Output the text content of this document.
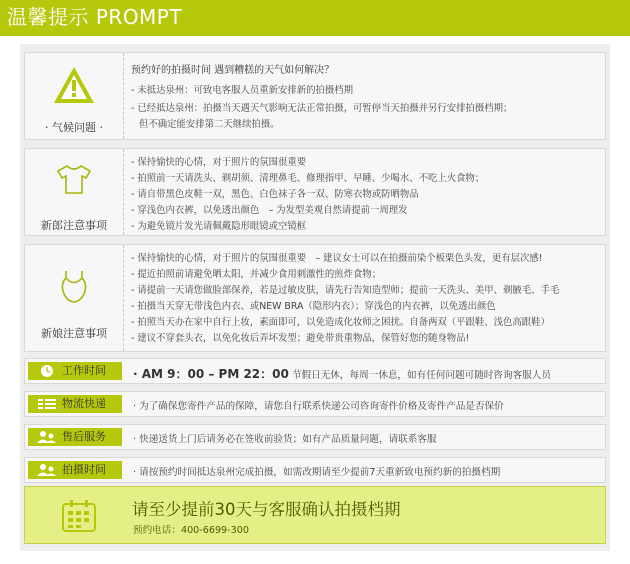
温馨提示 PROMPT
· 气候问题 ·
预约好的拍摄时间 遇到糟糕的天气如何解决？
- 未抵达泉州：可致电客服人员重新安排新的拍摄档期
- 已经抵达泉州：拍摄当天遇天气影响无法正常拍摄，可暂停当天拍摄并另行安排拍摄档期；
但不确定能安排第二天继续拍摄。
新郎注意事项
- 保持愉快的心情，对于照片的氛围很重要
- 拍照前一天请洗头、剃胡须、清理鼻毛、修理指甲、早睡、少喝水、不吃上火食物；
- 请自带黑色皮鞋一双，黑色、白色袜子各一双、防寒衣物或防晒物品
- 穿浅色内衣裤，以免透出颜色　– 为发型美观自然请提前一周理发
- 为避免镜片发光请佩戴隐形眼镜或空镜框
新娘注意事项
- 保持愉快的心情，对于照片的氛围很重要　– 建议女士可以在拍摄前染个板栗色头发，更有层次感!
- 提近拍照前请避免晒太阳，并减少食用刺激性的煎炸食物；
- 请提前一天请您做脸部保养，若是过敏皮肤，请先行告知造型师；提前一天洗头、美甲、剃腋毛、手毛
- 拍摄当天穿无带浅色内衣、或NEW BRA（隐形内衣）；穿浅色的内衣裤，以免透出颜色
- 拍照当天办在家中自行上妆，素面即可，以免造成化妆师之困扰。自备两双（平跟鞋、浅色高跟鞋）
- 建议不穿套头衣，以免化妆后弄坏发型；避免带贵重物品，保管好您的随身物品!
工作时间 · AM 9：00 – PM 22：00 节假日无休，每周一休息，如有任何问题可随时咨询客服人员
物流快递	· 为了确保您寄件产品的保障，请您自行联系快递公司咨询寄件价格及寄件产品是否保价
售后服务	· 快递送货上门后请务必在签收前验货；如有产品质量问题，请联系客服
拍摄时间	· 请按预约时间抵达泉州完成拍摄，如需改期请至少提前7天重新致电预约新的拍摄档期
请至少提前30天与客服确认拍摄档期
预约电话：400-6699-300
